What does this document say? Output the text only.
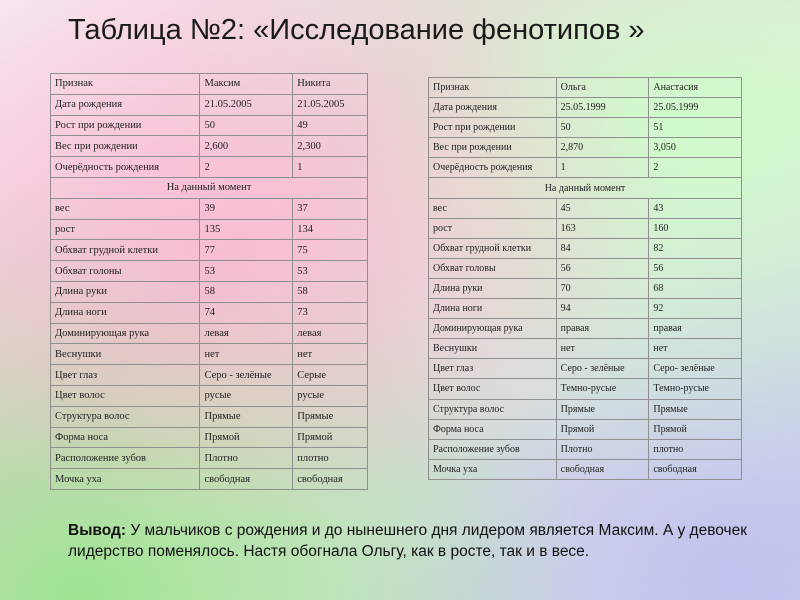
Таблица №2: «Исследование фенотипов »
Признак	Максим	Никита
Дата рождения	21.05.2005	21.05.2005
Рост при рождении	50	49
Вес при рождении	2,600	2,300
Очерёдность рождения	2	1
На данный момент		
вес	39	37
рост	135	134
Обхват грудной клетки	77	75
Обхват голоны	53	53
Длина руки	58	58
Длина ноги	74	73
Доминирующая рука	левая	левая
Веснушки	нет	нет
Цвет глаз	Серо - зелёные	Серые
Цвет волос	русые	русые
Структура волос	Прямые	Прямые
Форма носа	Прямой	Прямой
Расположение зубов	Плотно	плотно
Мочка уха	свободная	свободная
Признак	Ольга	Анастасия
Дата рождения	25.05.1999	25.05.1999
Рост при рождении	50	51
Вес при рождении	2,870	3,050
Очерёдность рождения	1	2
На данный момент		
вес	45	43
рост	163	160
Обхват грудной клетки	84	82
Обхват головы	56	56
Длина руки	70	68
Длина ноги	94	92
Доминирующая рука	правая	правая
Веснушки	нет	нет
Цвет глаз	Серо - зелёные	Серо- зелёные
Цвет волос	Темно-русые	Темно-русые
Структура волос	Прямые	Прямые
Форма носа	Прямой	Прямой
Расположение зубов	Плотно	плотно
Мочка уха	свободная	свободная
Вывод: У мальчиков с рождения и до нынешнего дня лидером является Максим. А у девочек лидерство поменялось. Настя обогнала Ольгу, как в росте, так и в весе.
